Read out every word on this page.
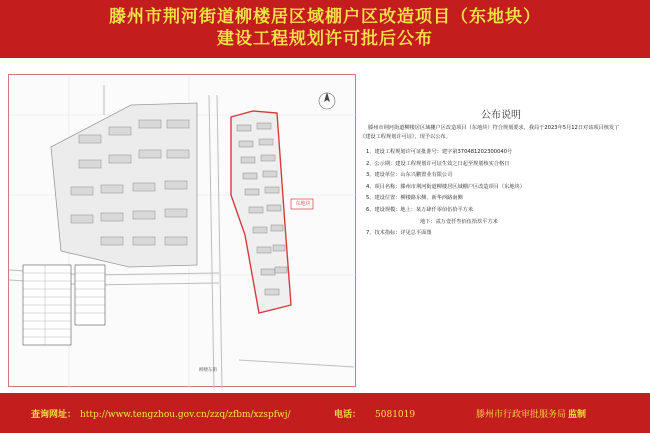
滕州市荆河街道柳楼居区域棚户区改造项目（东地块）
建设工程规划许可批后公布
东地块
柳楼东街
公布说明
滕州市荆河街道柳楼居区域棚户区改造项目（东地块）符合规划要求，我局于2023年5月12日对该项目核发了《建设工程规划许可证》，现予以公布。
1、建设工程规划许可证批准号：建字第370481202300040号
2、公示期：建设工程规划许可证生效之日起至规划核实合格日
3、建设单位：山东兴鹏置业有限公司
4、项目名称：滕州市荆河街道柳楼居区域棚户区改造项目（东地块）
5、建设位置：柳楼路东侧、新华西路南侧
6、建设规模：地上：某万肆仟零佰伍拾平方米
地下：贰万壹仟叁佰伍拾玖平方米
7、技术指标：详见总平面图
查询网址： http://www.tengzhou.gov.cn/zzq/zfbm/xzspfwj/	电话： 5081019	滕州市行政审批服务局 监制
